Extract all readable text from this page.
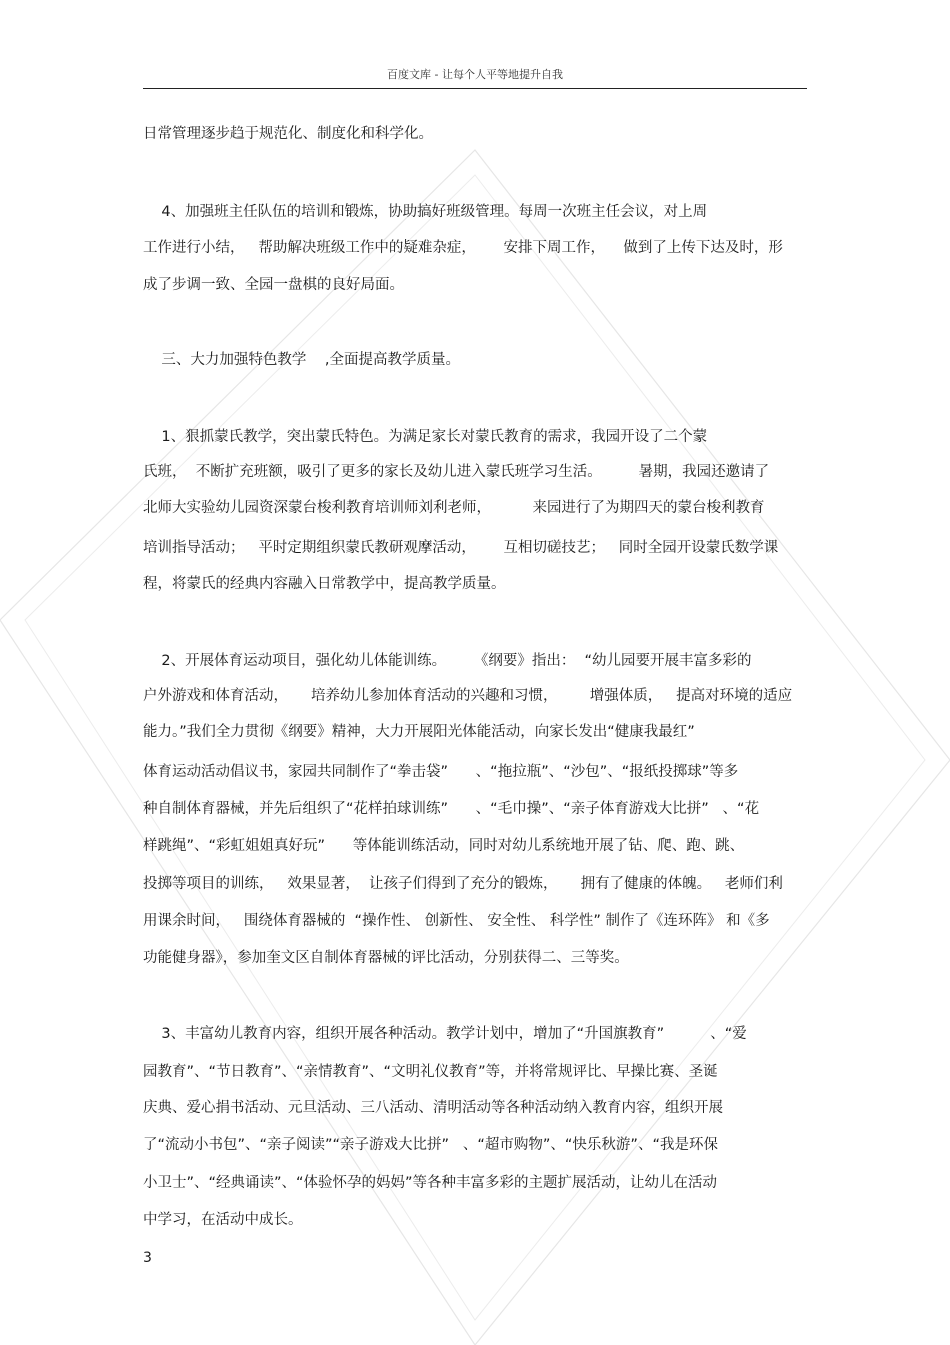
百度文库 - 让每个人平等地提升自我
日常管理逐步趋于规范化、制度化和科学化。
4、加强班主任队伍的培训和锻炼，协助搞好班级管理。每周一次班主任会议，对上周
工作进行小结，   帮助解决班级工作中的疑难杂症，      安排下周工作，    做到了上传下达及时，形
成了步调一致、全园一盘棋的良好局面。
三、大力加强特色教学    ,全面提高教学质量。
1、狠抓蒙氏教学，突出蒙氏特色。为满足家长对蒙氏教育的需求，我园开设了二个蒙
氏班，  不断扩充班额，吸引了更多的家长及幼儿进入蒙氏班学习生活。        暑期，我园还邀请了
北师大实验幼儿园资深蒙台梭利教育培训师刘利老师，         来园进行了为期四天的蒙台梭利教育
培训指导活动；   平时定期组织蒙氏教研观摩活动，      互相切磋技艺；   同时全园开设蒙氏数学课
程，将蒙氏的经典内容融入日常教学中，提高教学质量。
2、开展体育运动项目，强化幼儿体能训练。      《纲要》指出：  “幼儿园要开展丰富多彩的
户外游戏和体育活动，     培养幼儿参加体育活动的兴趣和习惯，       增强体质，   提高对环境的适应
能力。”我们全力贯彻《纲要》精神，大力开展阳光体能活动，向家长发出“健康我最红”
体育运动活动倡议书，家园共同制作了“拳击袋”      、“拖拉瓶”、“沙包”、“报纸投掷球”等多
种自制体育器械，并先后组织了“花样拍球训练”      、“毛巾操”、“亲子体育游戏大比拼”   、“花
样跳绳”、“彩虹姐姐真好玩”      等体能训练活动，同时对幼儿系统地开展了钻、爬、跑、跳、
投掷等项目的训练，   效果显著，  让孩子们得到了充分的锻炼，     拥有了健康的体魄。   老师们利
用课余时间，   围绕体育器械的  “操作性、 创新性、 安全性、 科学性” 制作了《连环阵》 和《多
功能健身器》，参加奎文区自制体育器械的评比活动，分别获得二、三等奖。
3、丰富幼儿教育内容，组织开展各种活动。教学计划中，增加了“升国旗教育”          、“爱
园教育”、“节日教育”、“亲情教育”、“文明礼仪教育”等，并将常规评比、早操比赛、圣诞
庆典、爱心捐书活动、元旦活动、三八活动、清明活动等各种活动纳入教育内容，组织开展
了“流动小书包”、“亲子阅读”“亲子游戏大比拼”   、“超市购物”、“快乐秋游”、“我是环保
小卫士”、“经典诵读”、“体验怀孕的妈妈”等各种丰富多彩的主题扩展活动，让幼儿在活动
中学习，在活动中成长。
3
